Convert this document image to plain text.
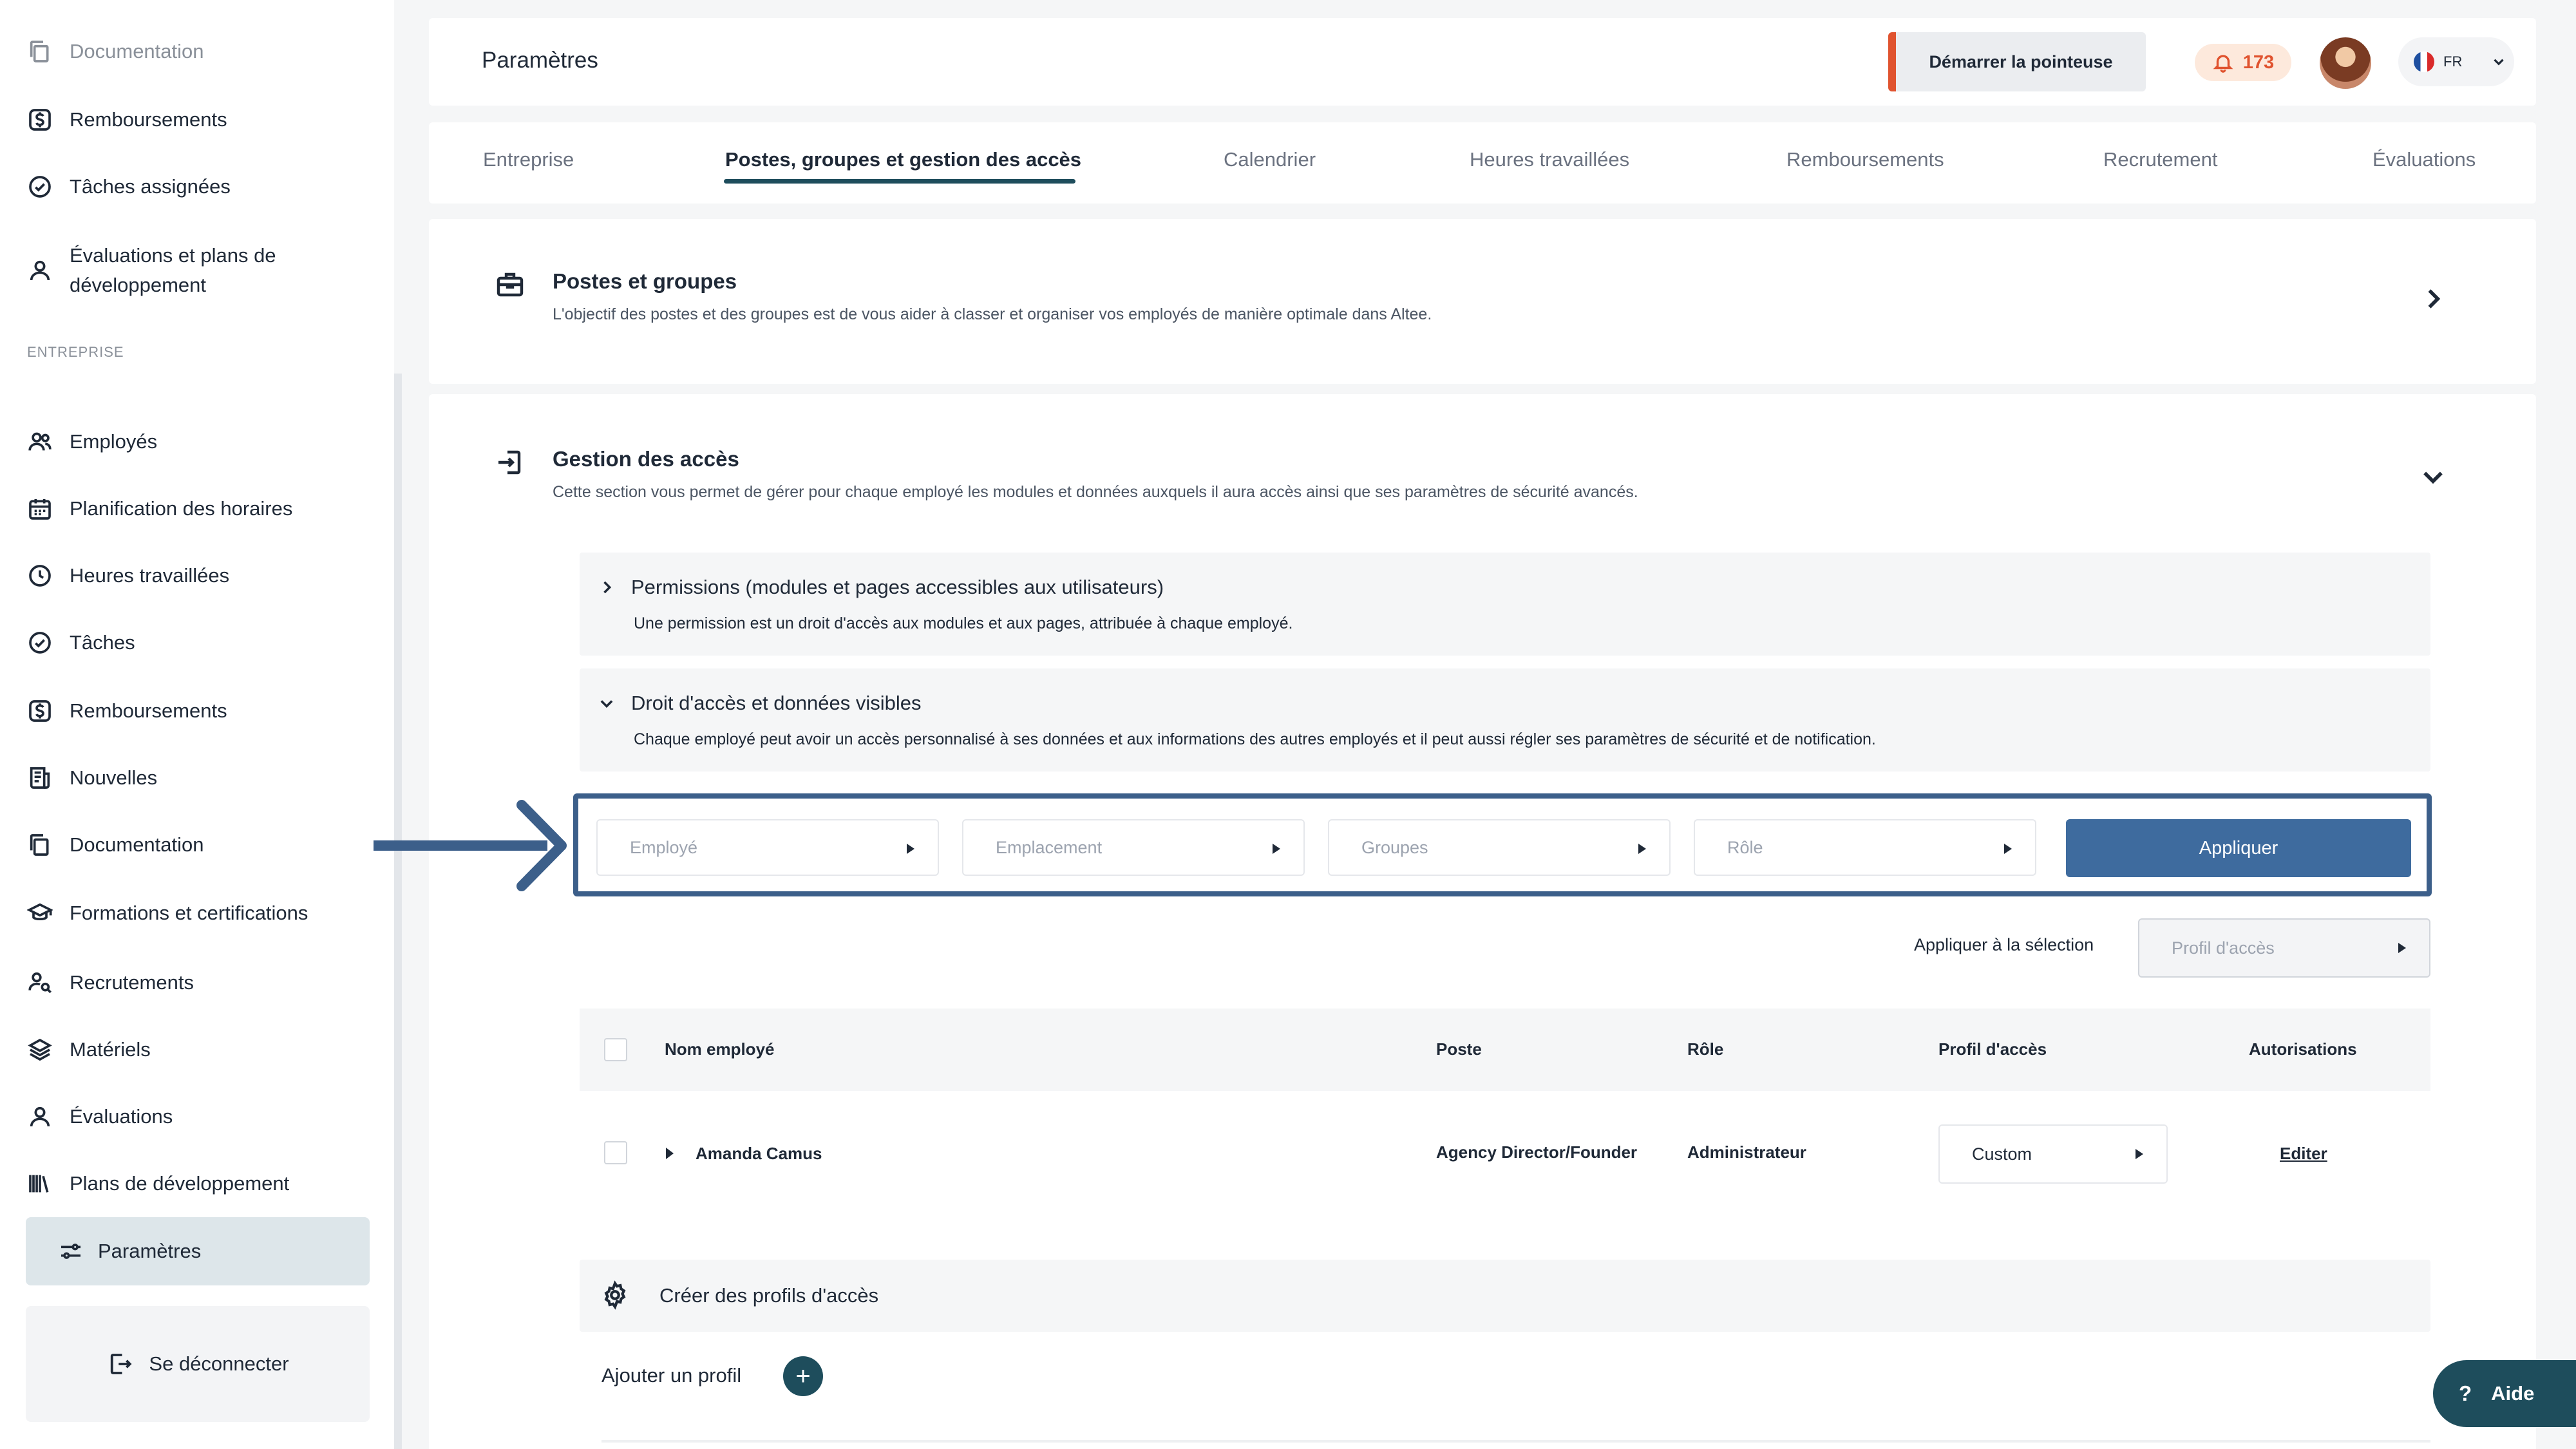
Documentation
Remboursements
Tâches assignées
Évaluations et plans de développement
ENTREPRISE
Employés
Planification des horaires
Heures travaillées
Tâches
Remboursements
Nouvelles
Documentation
Formations et certifications
Recrutements
Matériels
Évaluations
Plans de développement
Paramètres
Se déconnecter
Paramètres	Démarrer la pointeuse	173	FR
Entreprise	Postes, groupes et gestion des accès	Calendrier	Heures travaillées	Remboursements	Recrutement	Évaluations
Postes et groupes
L'objectif des postes et des groupes est de vous aider à classer et organiser vos employés de manière optimale dans Altee.
Gestion des accès
Cette section vous permet de gérer pour chaque employé les modules et données auxquels il aura accès ainsi que ses paramètres de sécurité avancés.
Permissions (modules et pages accessibles aux utilisateurs)
Une permission est un droit d'accès aux modules et aux pages, attribuée à chaque employé.
Droit d'accès et données visibles
Chaque employé peut avoir un accès personnalisé à ses données et aux informations des autres employés et il peut aussi régler ses paramètres de sécurité et de notification.
Employé	Emplacement	Groupes	Rôle	Appliquer
Appliquer à la sélection	Profil d'accès
Nom employé	Poste	Rôle	Profil d'accès	Autorisations
Amanda Camus	Agency Director/Founder	Administrateur	Custom	Editer
Créer des profils d'accès
Ajouter un profil +
? Aide
